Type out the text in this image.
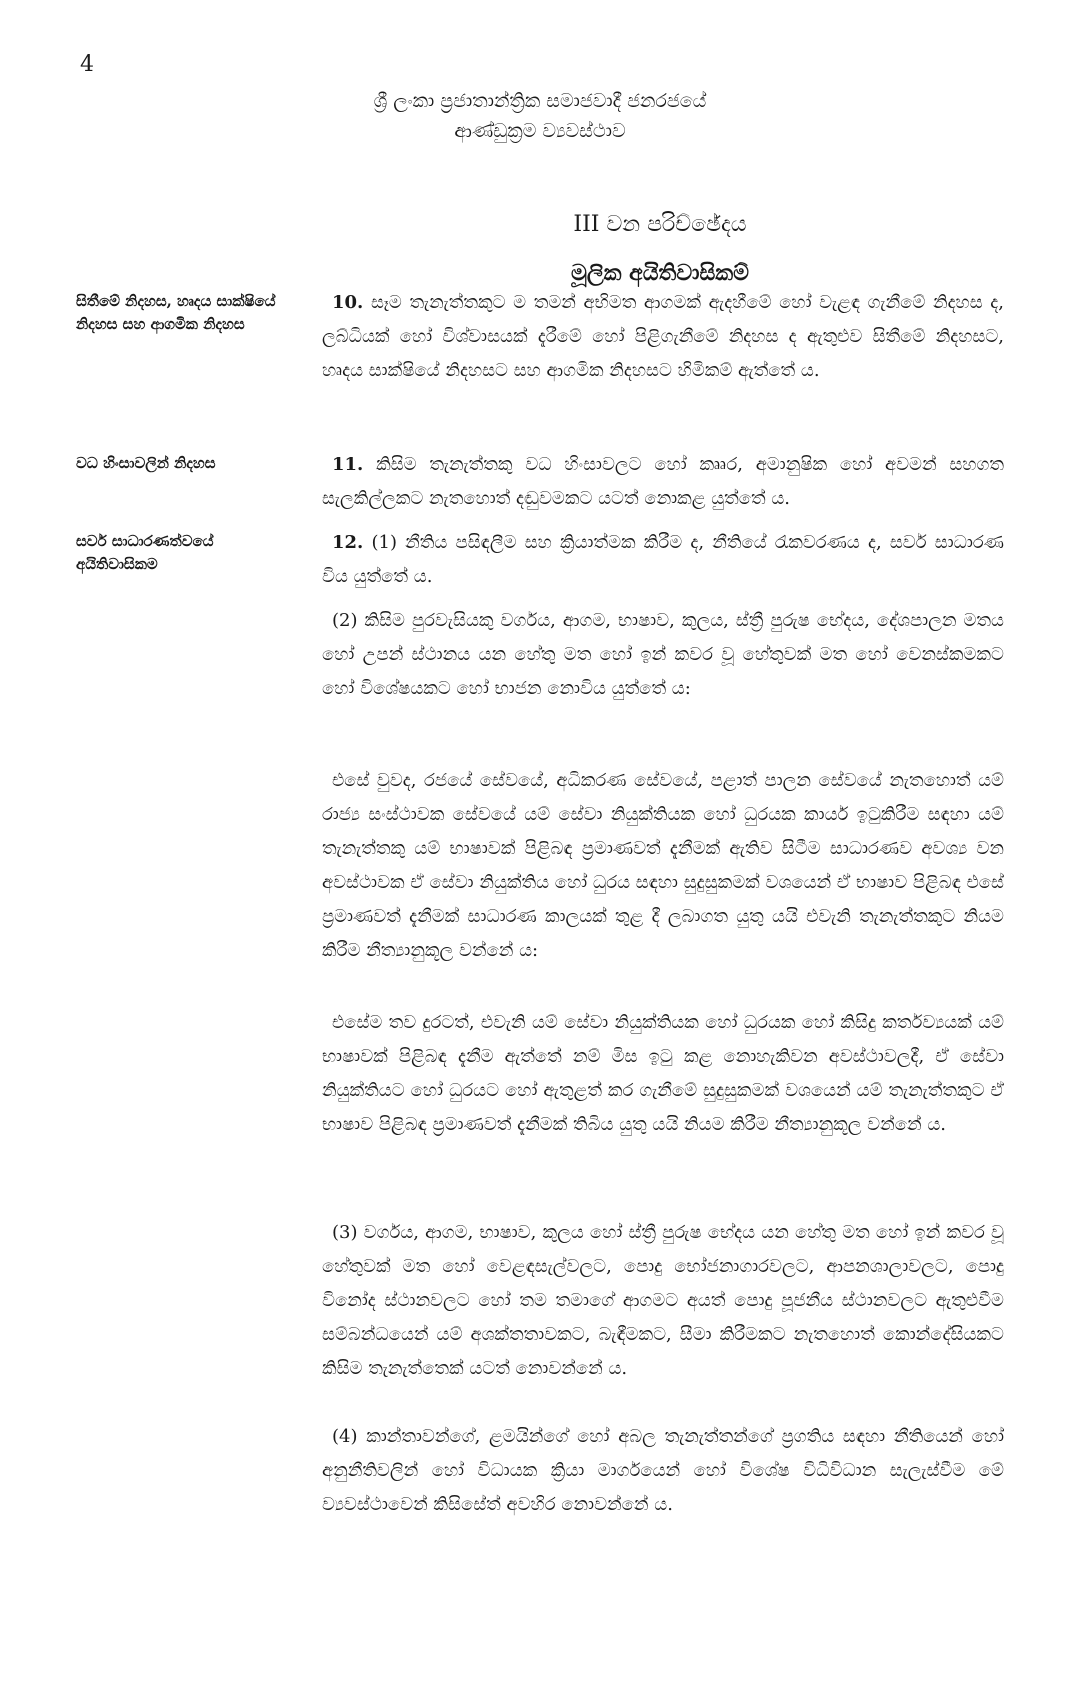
4
ශ්‍රී ලංකා ප්‍රජාතාන්ත්‍රික සමාජවාදී ජනරජයේ
ආණ්ඩුක්‍රම ව්‍යවස්ථාව
III වන පරිච්ඡේදය
මූලික අයිතිවාසිකම්
සිතීමේ නිදහස, හෘදය සාක්ෂියේ නිදහස සහ ආගමික නිදහස
වධ හිංසාවලින් නිදහස
සර්ව සාධාරණත්වයේ අයිතිවාසිකම
10. සෑම තැනැත්තකුට ම තමන් අභිමත ආගමක් ඇදහීමේ හෝ වැළඳ ගැනීමේ නිදහස ද, ලබ්ධියක් හෝ විශ්වාසයක් දැරීමේ හෝ පිළිගැනීමේ නිදහස ද ඇතුළුව සිතීමේ නිදහසට, හෘදය සාක්ෂියේ නිදහසට සහ ආගමික නිදහසට හිමිකම් ඇත්තේ ය.
11. කිසිම තැනැත්තකු වධ හිංසාවලට හෝ කෲර, අමානුෂික හෝ අවමන් සහගත සැලකිල්ලකට නැතහොත් දඬුවමකට යටත් නොකළ යුත්තේ ය.
12. (1) නීතිය පසිඳලීම සහ ක්‍රියාත්මක කිරීම ද, නීතියේ රැකවරණය ද, සර්ව සාධාරණ විය යුත්තේ ය.
(2) කිසිම පුරවැසියකු වර්ගය, ආගම, භාෂාව, කුලය, ස්ත්‍රී පුරුෂ භේදය, දේශපාලන මතය හෝ උපන් ස්ථානය යන හේතු මත හෝ ඉන් කවර වූ හේතුවක් මත හෝ වෙනස්කමකට හෝ විශේෂයකට හෝ භාජන නොවිය යුත්තේ ය:
එසේ වුවද, රජයේ සේවයේ, අධිකරණ සේවයේ, පළාත් පාලන සේවයේ නැතහොත් යම් රාජ්‍ය සංස්ථාවක සේවයේ යම් සේවා නියුක්තියක හෝ ධුරයක කාර්ය ඉටුකිරීම සඳහා යම් තැනැත්තකු යම් භාෂාවක් පිළිබඳ ප්‍රමාණවත් දැනීමක් ඇතිව සිටීම සාධාරණව අවශ්‍ය වන අවස්ථාවක ඒ සේවා නියුක්තිය හෝ ධුරය සඳහා සුදුසුකමක් වශයෙන් ඒ භාෂාව පිළිබඳ එසේ ප්‍රමාණවත් දැනීමක් සාධාරණ කාලයක් තුළ දී ලබාගත යුතු යයි එවැනි තැනැත්තකුට නියම කිරීම නීත්‍යානුකූල වන්නේ ය:
එසේම තව දුරටත්, එවැනි යම් සේවා නියුක්තියක හෝ ධුරයක හෝ කිසිදු කර්තව්‍යයක් යම් භාෂාවක් පිළිබඳ දැනීම ඇත්තේ නම් මිස ඉටු කළ නොහැකිවන අවස්ථාවලදී, ඒ සේවා නියුක්තියට හෝ ධුරයට හෝ ඇතුළත් කර ගැනීමේ සුදුසුකමක් වශයෙන් යම් තැනැත්තකුට ඒ භාෂාව පිළිබඳ ප්‍රමාණවත් දැනීමක් තිබිය යුතු යයි නියම කිරීම නීත්‍යානුකූල වන්නේ ය.
(3) වර්ගය, ආගම, භාෂාව, කුලය හෝ ස්ත්‍රී පුරුෂ භේදය යන හේතු මත හෝ ඉන් කවර වූ හේතුවක් මත හෝ වෙළඳසැල්වලට, පොදු භෝජනාගාරවලට, ආපනශාලාවලට, පොදු විනෝද ස්ථානවලට හෝ තම තමාගේ ආගමට අයත් පොදු පූජනීය ස්ථානවලට ඇතුළුවීම සම්බන්ධයෙන් යම් අශක්තතාවකට, බැඳීමකට, සීමා කිරීමකට නැතහොත් කොන්දේසියකට කිසිම තැනැත්තෙක් යටත් නොවන්නේ ය.
(4) කාන්තාවන්ගේ, ළමයින්ගේ හෝ අබල තැනැත්තන්ගේ ප්‍රගතිය සඳහා නීතියෙන් හෝ අනුනීතිවලින් හෝ විධායක ක්‍රියා මාර්ගයෙන් හෝ විශේෂ විධිවිධාන සැලැස්වීම මේ ව්‍යවස්ථාවෙන් කිසිසේත් අවහිර නොවන්නේ ය.
